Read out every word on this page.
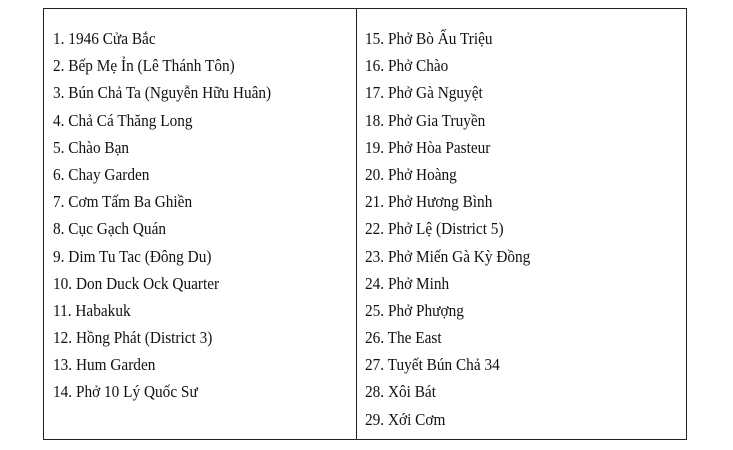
1. 1946 Cửa Bắc
2. Bếp Mẹ Ỉn (Lê Thánh Tôn)
3. Bún Chả Ta (Nguyễn Hữu Huân)
4. Chả Cá Thăng Long
5. Chào Bạn
6. Chay Garden
7. Cơm Tấm Ba Ghiền
8. Cục Gạch Quán
9. Dim Tu Tac (Đông Du)
10. Don Duck Ock Quarter
11. Habakuk
12. Hồng Phát (District 3)
13. Hum Garden
14. Phở 10 Lý Quốc Sư
15. Phở Bò Ấu Triệu
16. Phở Chào
17. Phở Gà Nguyệt
18. Phở Gia Truyền
19. Phở Hòa Pasteur
20. Phở Hoàng
21. Phở Hương Bình
22. Phở Lệ (District 5)
23. Phở Miến Gà Kỳ Đồng
24. Phở Minh
25. Phở Phượng
26. The East
27. Tuyết Bún Chả 34
28. Xôi Bát
29. Xới Cơm
